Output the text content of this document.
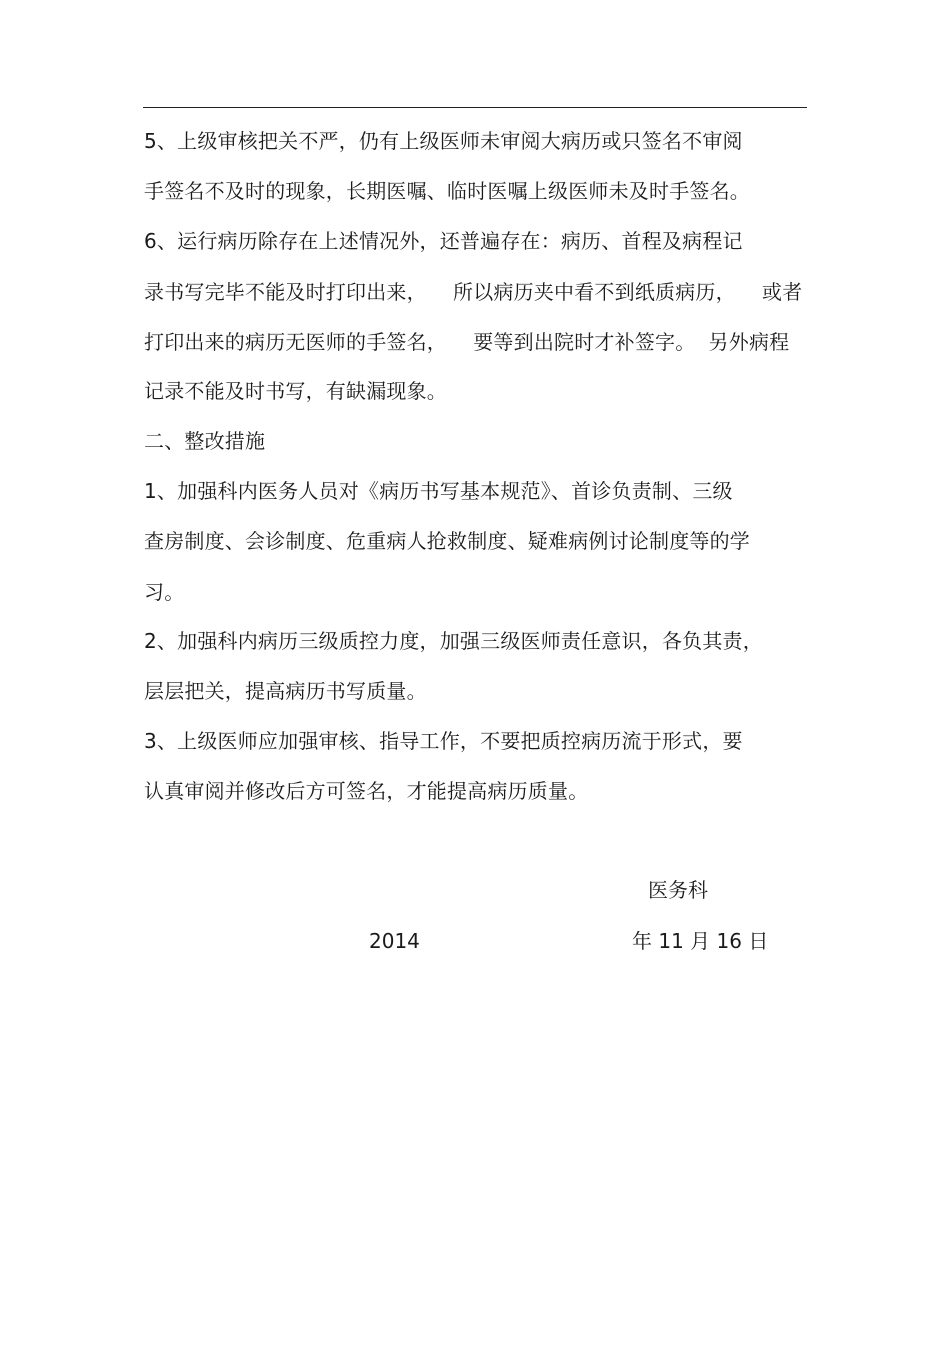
5、上级审核把关不严，仍有上级医师未审阅大病历或只签名不审阅
手签名不及时的现象，长期医嘱、临时医嘱上级医师未及时手签名。
6、运行病历除存在上述情况外，还普遍存在：病历、首程及病程记
录书写完毕不能及时打印出来，    所以病历夹中看不到纸质病历，    或者
打印出来的病历无医师的手签名，    要等到出院时才补签字。  另外病程
记录不能及时书写，有缺漏现象。
二、整改措施
1、加强科内医务人员对《病历书写基本规范》、首诊负责制、三级
查房制度、会诊制度、危重病人抢救制度、疑难病例讨论制度等的学
习。
2、加强科内病历三级质控力度，加强三级医师责任意识，各负其责，
层层把关，提高病历书写质量。
3、上级医师应加强审核、指导工作，不要把质控病历流于形式，要
认真审阅并修改后方可签名，才能提高病历质量。
医务科
2014	年 11 月 16 日
